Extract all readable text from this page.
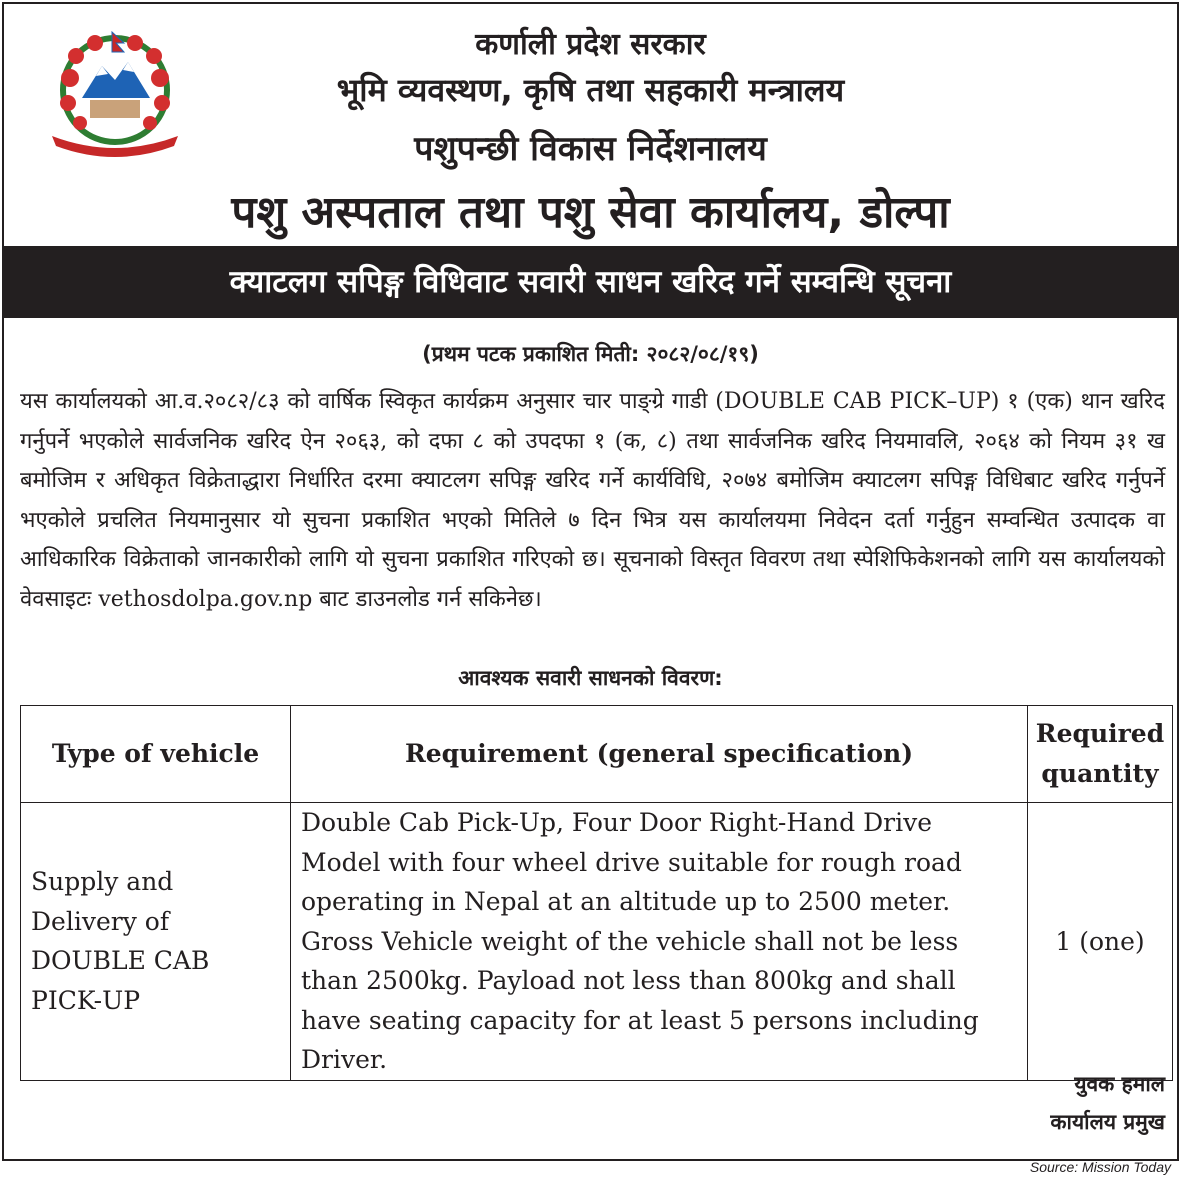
कर्णाली प्रदेश सरकार
भूमि व्यवस्थण, कृषि तथा सहकारी मन्त्रालय
पशुपन्छी विकास निर्देशनालय
पशु अस्पताल तथा पशु सेवा कार्यालय, डोल्पा
क्याटलग सपिङ्ग विधिवाट सवारी साधन खरिद गर्ने सम्वन्धि सूचना
(प्रथम पटक प्रकाशित मिती: २०८२/०८/१९)
यस कार्यालयको आ.व.२०८२/८३ को वार्षिक स्विकृत कार्यक्रम अनुसार चार पाङ्ग्रे गाडी (DOUBLE CAB PICK–UP) १ (एक) थान खरिद गर्नुपर्ने भएकोले सार्वजनिक खरिद ऐन २०६३, को दफा ८ को उपदफा १ (क, ८) तथा सार्वजनिक खरिद नियमावलि, २०६४ को नियम ३१ ख बमोजिम र अधिकृत विक्रेताद्धारा निर्धारित दरमा क्याटलग सपिङ्ग खरिद गर्ने कार्यविधि, २०७४ बमोजिम क्याटलग सपिङ्ग विधिबाट खरिद गर्नुपर्ने भएकोले प्रचलित नियमानुसार यो सुचना प्रकाशित भएको मितिले ७ दिन भित्र यस कार्यालयमा निवेदन दर्ता गर्नुहुन सम्वन्धित उत्पादक वा आधिकारिक विक्रेताको जानकारीको लागि यो सुचना प्रकाशित गरिएको छ। सूचनाको विस्तृत विवरण तथा स्पेशिफिकेशनको लागि यस कार्यालयको वेवसाइटः vethosdolpa.gov.np बाट डाउनलोड गर्न सकिनेछ।
आवश्यक सवारी साधनको विवरण:
Type of vehicle	Requirement (general specification)	Required quantity
Supply and Delivery of DOUBLE CAB PICK-UP	Double Cab Pick-Up, Four Door Right-Hand Drive Model with four wheel drive suitable for rough road operating in Nepal at an altitude up to 2500 meter. Gross Vehicle weight of the vehicle shall not be less than 2500kg. Payload not less than 800kg and shall have seating capacity for at least 5 persons including Driver.	1 (one)
युवक हमाल
कार्यालय प्रमुख
Source: Mission Today
